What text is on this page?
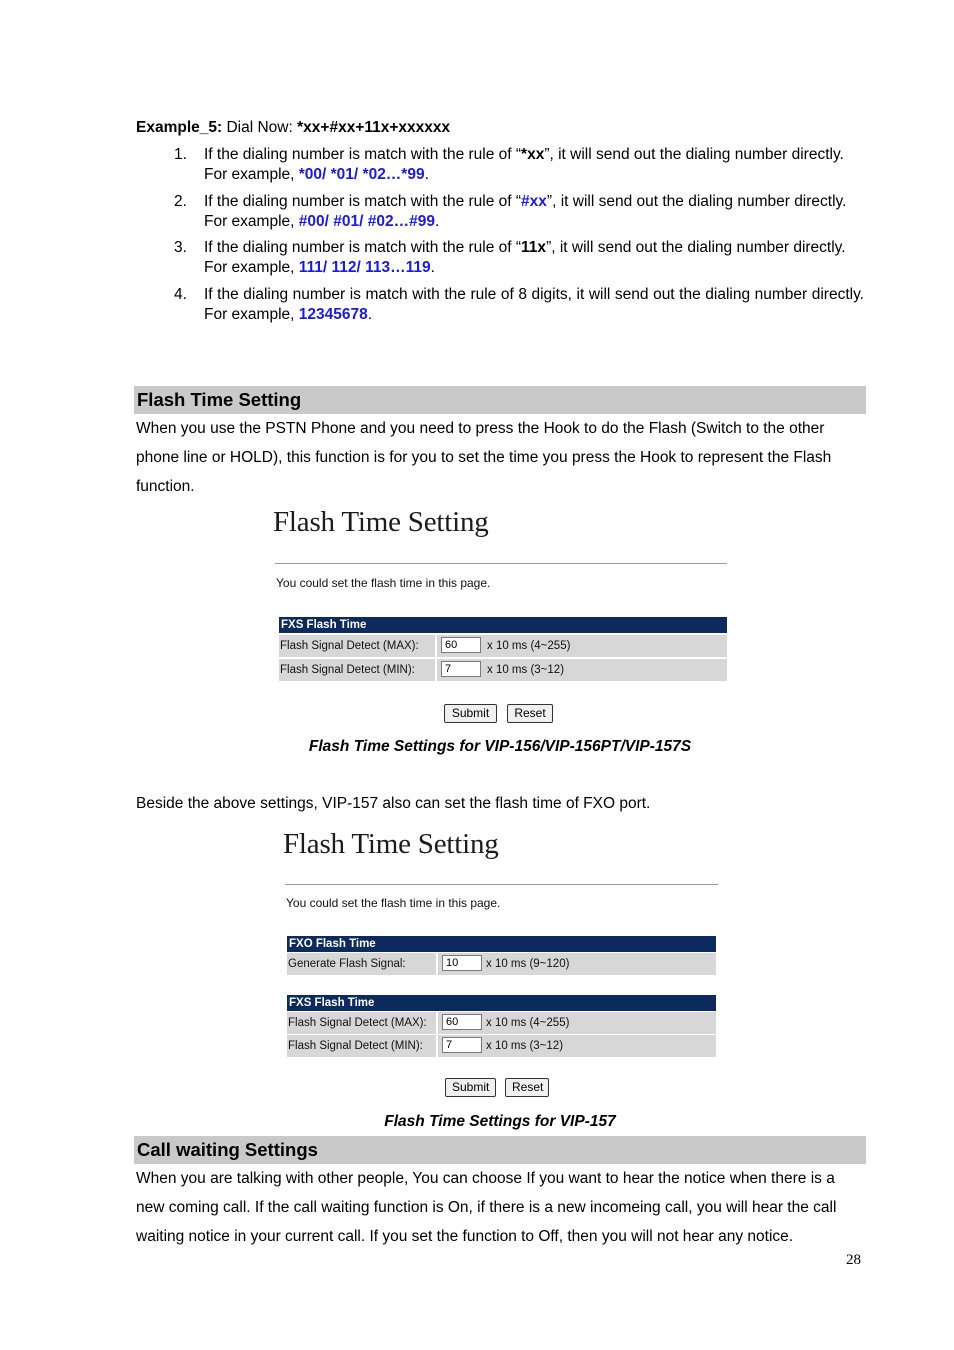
Example_5: Dial Now: *xx+#xx+11x+xxxxxx
1. If the dialing number is match with the rule of “*xx”, it will send out the dialing number directly.
For example, *00/ *01/ *02…*99.
2. If the dialing number is match with the rule of “#xx”, it will send out the dialing number directly.
For example, #00/ #01/ #02…#99.
3. If the dialing number is match with the rule of “11x”, it will send out the dialing number directly.
For example, 111/ 112/ 113…119.
4. If the dialing number is match with the rule of 8 digits, it will send out the dialing number directly. For example, 12345678.
Flash Time Setting
When you use the PSTN Phone and you need to press the Hook to do the Flash (Switch to the other phone line or HOLD), this function is for you to set the time you press the Hook to represent the Flash function.
Flash Time Setting
You could set the flash time in this page.
FXS Flash Time
Flash Signal Detect (MAX):
60	x 10 ms (4~255)
Flash Signal Detect (MIN):
7	x 10 ms (3~12)
Submit	Reset
Flash Time Settings for VIP-156/VIP-156PT/VIP-157S
Beside the above settings, VIP-157 also can set the flash time of FXO port.
Flash Time Setting
You could set the flash time in this page.
FXO Flash Time
Generate Flash Signal:
10	x 10 ms (9~120)
FXS Flash Time
Flash Signal Detect (MAX):
60	x 10 ms (4~255)
Flash Signal Detect (MIN):
7	x 10 ms (3~12)
Submit	Reset
Flash Time Settings for VIP-157
Call waiting Settings
When you are talking with other people, You can choose If you want to hear the notice when there is a new coming call. If the call waiting function is On, if there is a new incomeing call, you will hear the call waiting notice in your current call. If you set the function to Off, then you will not hear any notice.
28
